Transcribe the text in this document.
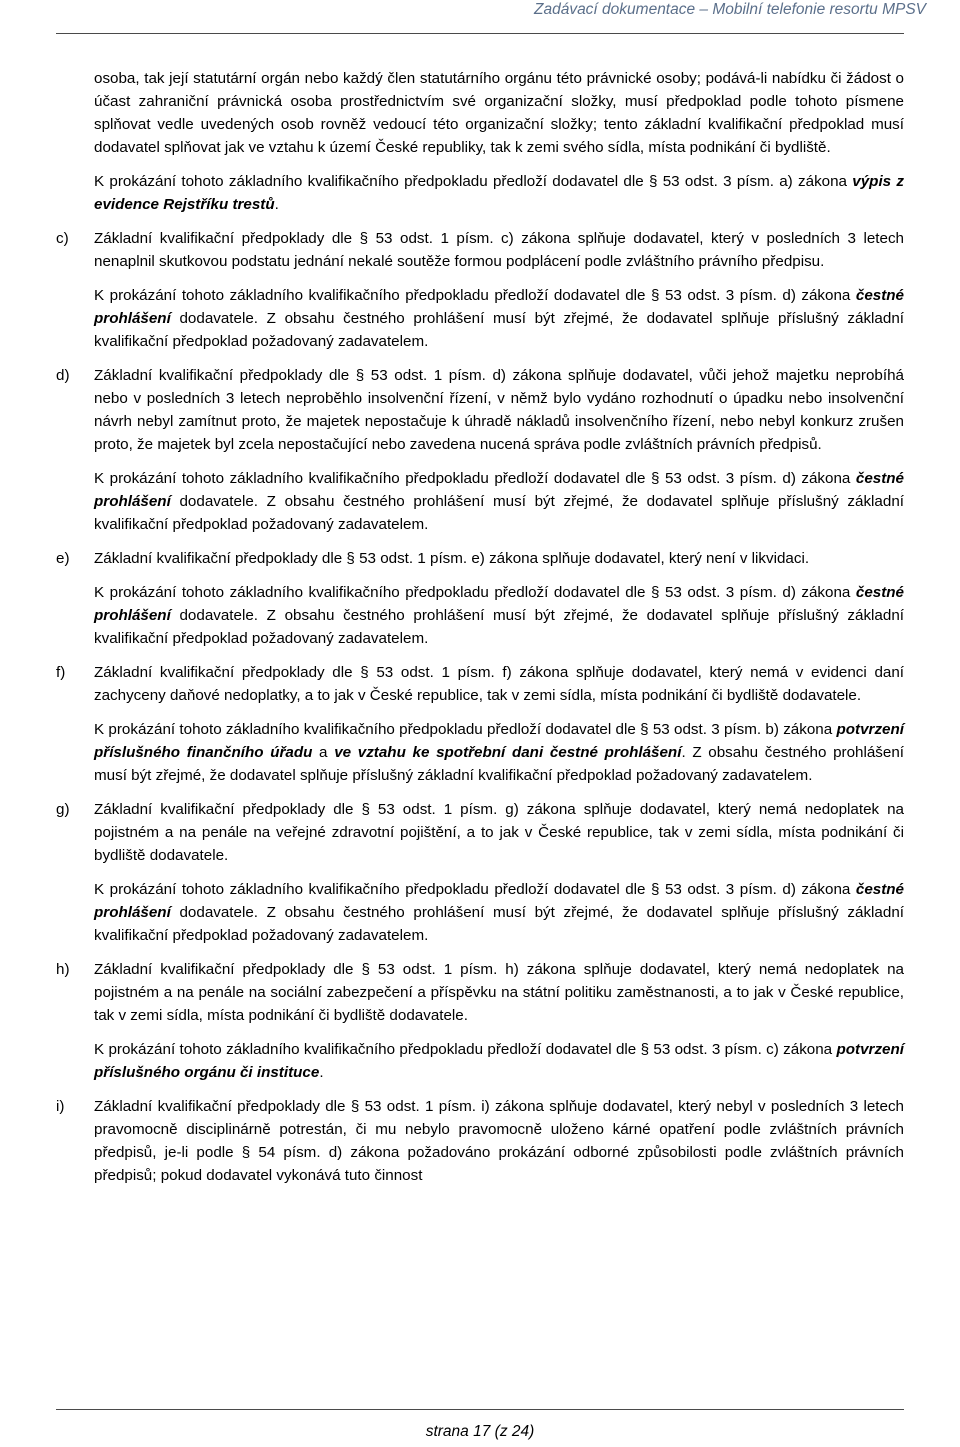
Zadávací dokumentace – Mobilní telefonie resortu MPSV

osoba, tak její statutární orgán nebo každý člen statutárního orgánu této právnické osoby; podává-li nabídku či žádost o účast zahraniční právnická osoba prostřednictvím své organizační složky, musí předpoklad podle tohoto písmene splňovat vedle uvedených osob rovněž vedoucí této organizační složky; tento základní kvalifikační předpoklad musí dodavatel splňovat jak ve vztahu k území České republiky, tak k zemi svého sídla, místa podnikání či bydliště.

K prokázání tohoto základního kvalifikačního předpokladu předloží dodavatel dle § 53 odst. 3 písm. a) zákona výpis z evidence Rejstříku trestů.

c) Základní kvalifikační předpoklady dle § 53 odst. 1 písm. c) zákona splňuje dodavatel, který v posledních 3 letech nenaplnil skutkovou podstatu jednání nekalé soutěže formou podplácení podle zvláštního právního předpisu.

K prokázání tohoto základního kvalifikačního předpokladu předloží dodavatel dle § 53 odst. 3 písm. d) zákona čestné prohlášení dodavatele. Z obsahu čestného prohlášení musí být zřejmé, že dodavatel splňuje příslušný základní kvalifikační předpoklad požadovaný zadavatelem.

d) Základní kvalifikační předpoklady dle § 53 odst. 1 písm. d) zákona splňuje dodavatel, vůči jehož majetku neprobíhá nebo v posledních 3 letech neproběhlo insolvenční řízení, v němž bylo vydáno rozhodnutí o úpadku nebo insolvenční návrh nebyl zamítnut proto, že majetek nepostačuje k úhradě nákladů insolvenčního řízení, nebo nebyl konkurz zrušen proto, že majetek byl zcela nepostačující nebo zavedena nucená správa podle zvláštních právních předpisů.

K prokázání tohoto základního kvalifikačního předpokladu předloží dodavatel dle § 53 odst. 3 písm. d) zákona čestné prohlášení dodavatele. Z obsahu čestného prohlášení musí být zřejmé, že dodavatel splňuje příslušný základní kvalifikační předpoklad požadovaný zadavatelem.

e) Základní kvalifikační předpoklady dle § 53 odst. 1 písm. e) zákona splňuje dodavatel, který není v likvidaci.

K prokázání tohoto základního kvalifikačního předpokladu předloží dodavatel dle § 53 odst. 3 písm. d) zákona čestné prohlášení dodavatele. Z obsahu čestného prohlášení musí být zřejmé, že dodavatel splňuje příslušný základní kvalifikační předpoklad požadovaný zadavatelem.

f) Základní kvalifikační předpoklady dle § 53 odst. 1 písm. f) zákona splňuje dodavatel, který nemá v evidenci daní zachyceny daňové nedoplatky, a to jak v České republice, tak v zemi sídla, místa podnikání či bydliště dodavatele.

K prokázání tohoto základního kvalifikačního předpokladu předloží dodavatel dle § 53 odst. 3 písm. b) zákona potvrzení příslušného finančního úřadu a ve vztahu ke spotřební dani čestné prohlášení. Z obsahu čestného prohlášení musí být zřejmé, že dodavatel splňuje příslušný základní kvalifikační předpoklad požadovaný zadavatelem.

g) Základní kvalifikační předpoklady dle § 53 odst. 1 písm. g) zákona splňuje dodavatel, který nemá nedoplatek na pojistném a na penále na veřejné zdravotní pojištění, a to jak v České republice, tak v zemi sídla, místa podnikání či bydliště dodavatele.

K prokázání tohoto základního kvalifikačního předpokladu předloží dodavatel dle § 53 odst. 3 písm. d) zákona čestné prohlášení dodavatele. Z obsahu čestného prohlášení musí být zřejmé, že dodavatel splňuje příslušný základní kvalifikační předpoklad požadovaný zadavatelem.

h) Základní kvalifikační předpoklady dle § 53 odst. 1 písm. h) zákona splňuje dodavatel, který nemá nedoplatek na pojistném a na penále na sociální zabezpečení a příspěvku na státní politiku zaměstnanosti, a to jak v České republice, tak v zemi sídla, místa podnikání či bydliště dodavatele.

K prokázání tohoto základního kvalifikačního předpokladu předloží dodavatel dle § 53 odst. 3 písm. c) zákona potvrzení příslušného orgánu či instituce.

i) Základní kvalifikační předpoklady dle § 53 odst. 1 písm. i) zákona splňuje dodavatel, který nebyl v posledních 3 letech pravomocně disciplinárně potrestán, či mu nebylo pravomocně uloženo kárné opatření podle zvláštních právních předpisů, je-li podle § 54 písm. d) zákona požadováno prokázání odborné způsobilosti podle zvláštních právních předpisů; pokud dodavatel vykonává tuto činnost

strana 17 (z 24)
